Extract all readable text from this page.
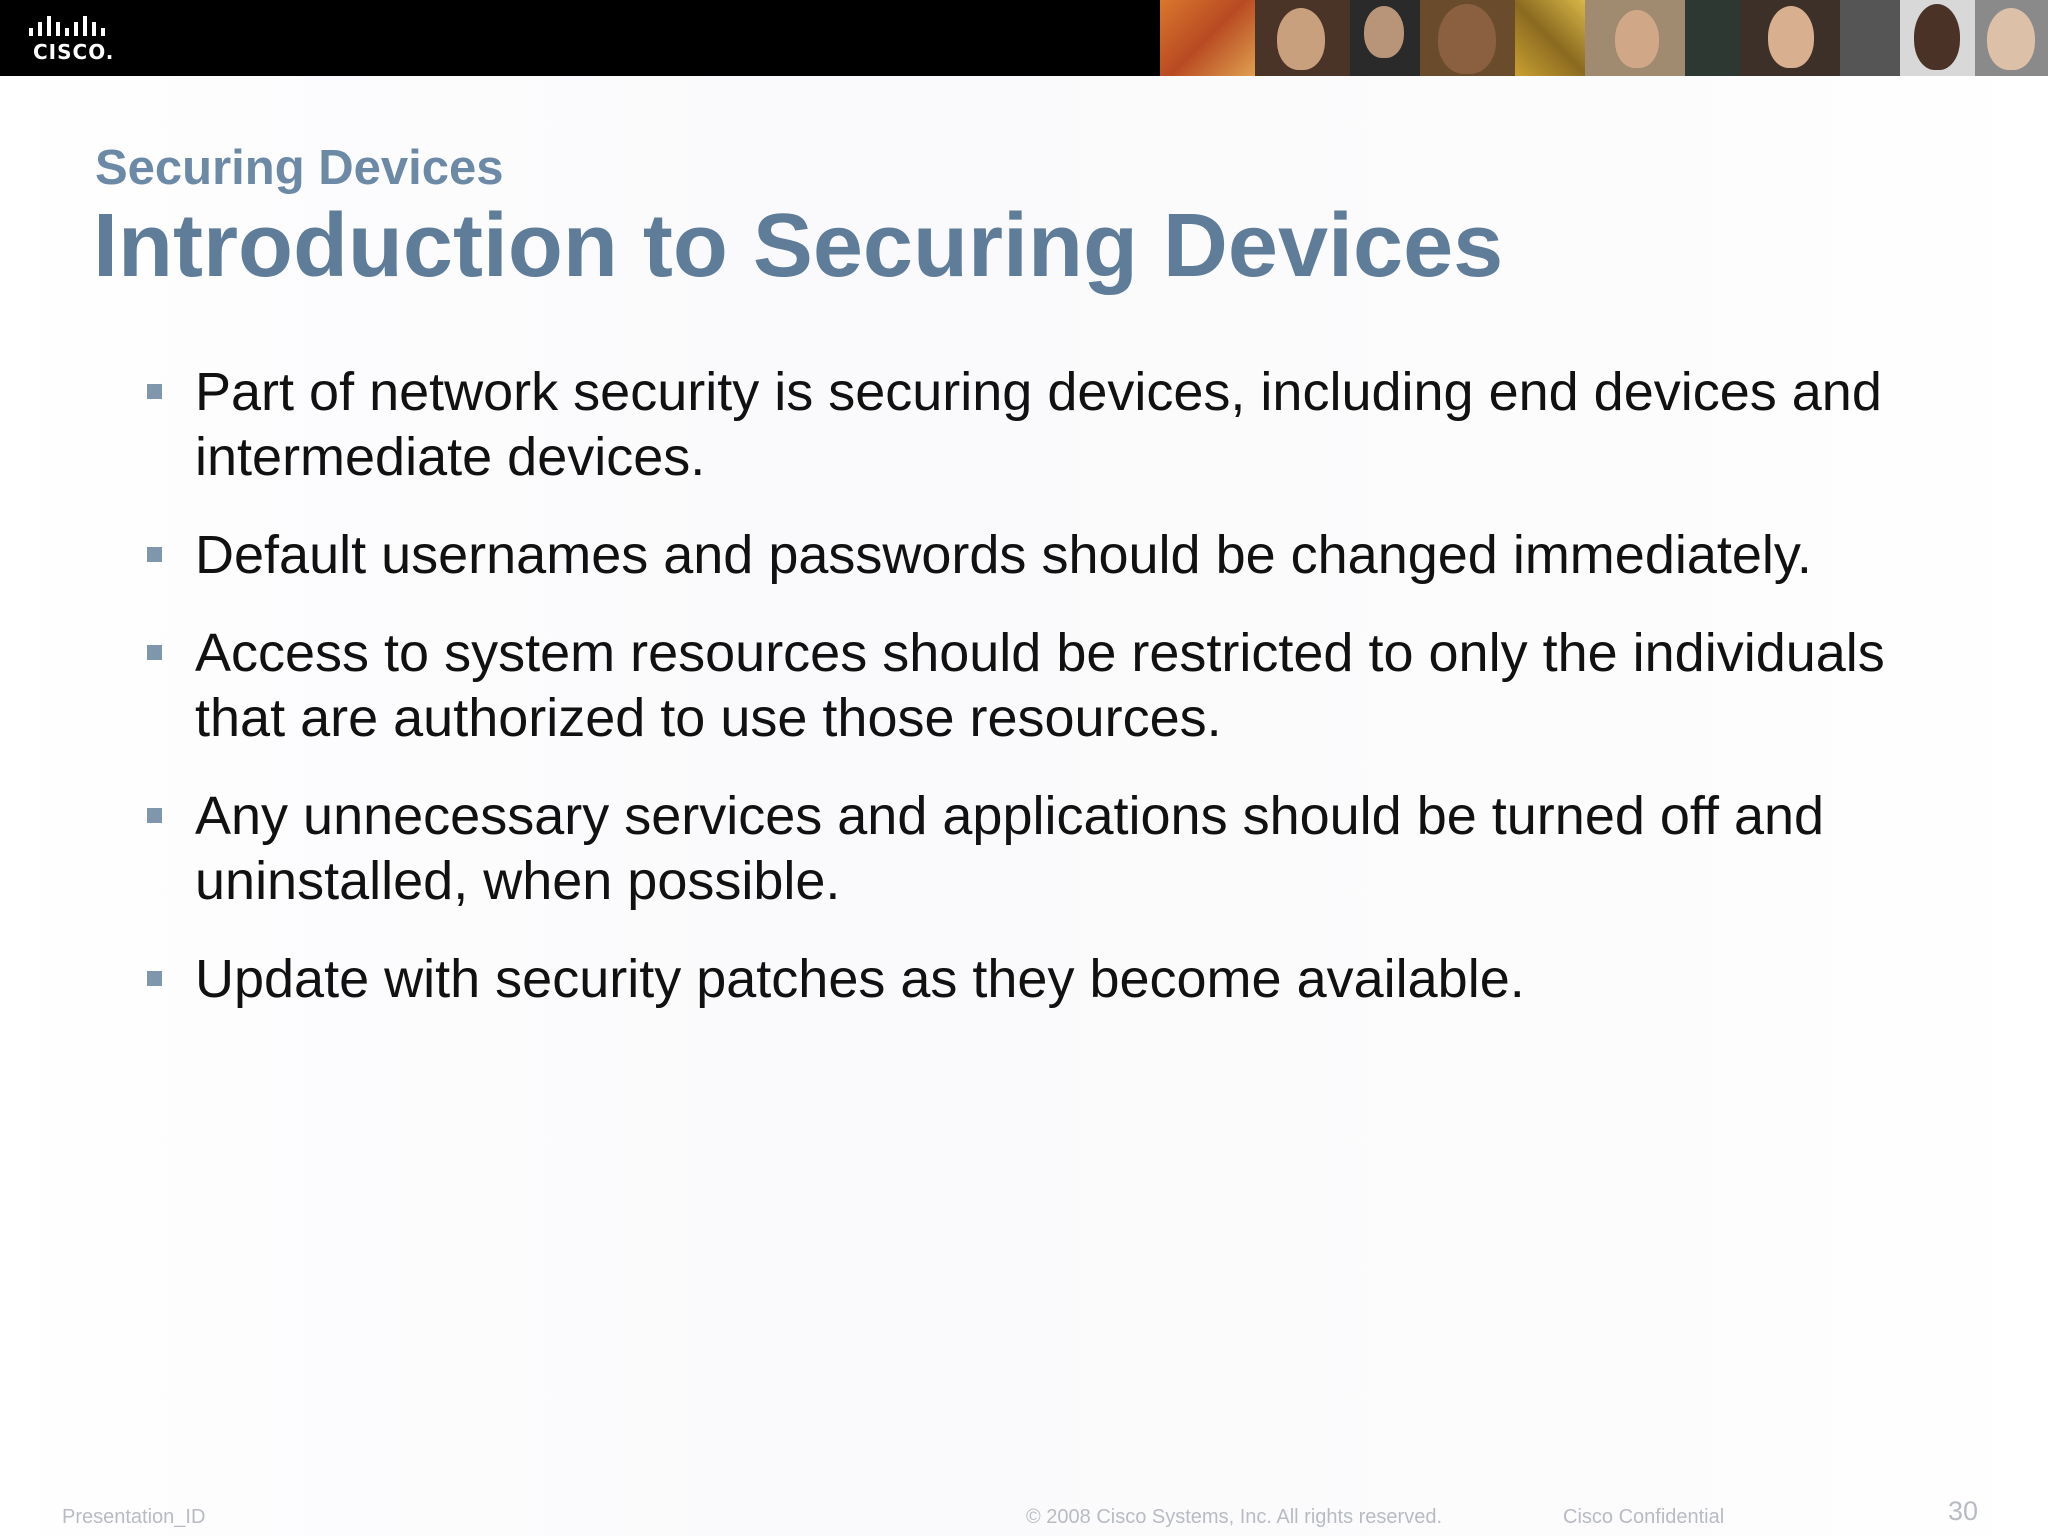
CISCO.
Securing Devices
Introduction to Securing Devices
Part of network security is securing devices, including end devices and intermediate devices.
Default usernames and passwords should be changed immediately.
Access to system resources should be restricted to only the individuals that are authorized to use those resources.
Any unnecessary services and applications should be turned off and uninstalled, when possible.
Update with security patches as they become available.
Presentation_ID	© 2008 Cisco Systems, Inc. All rights reserved.	Cisco Confidential	30
